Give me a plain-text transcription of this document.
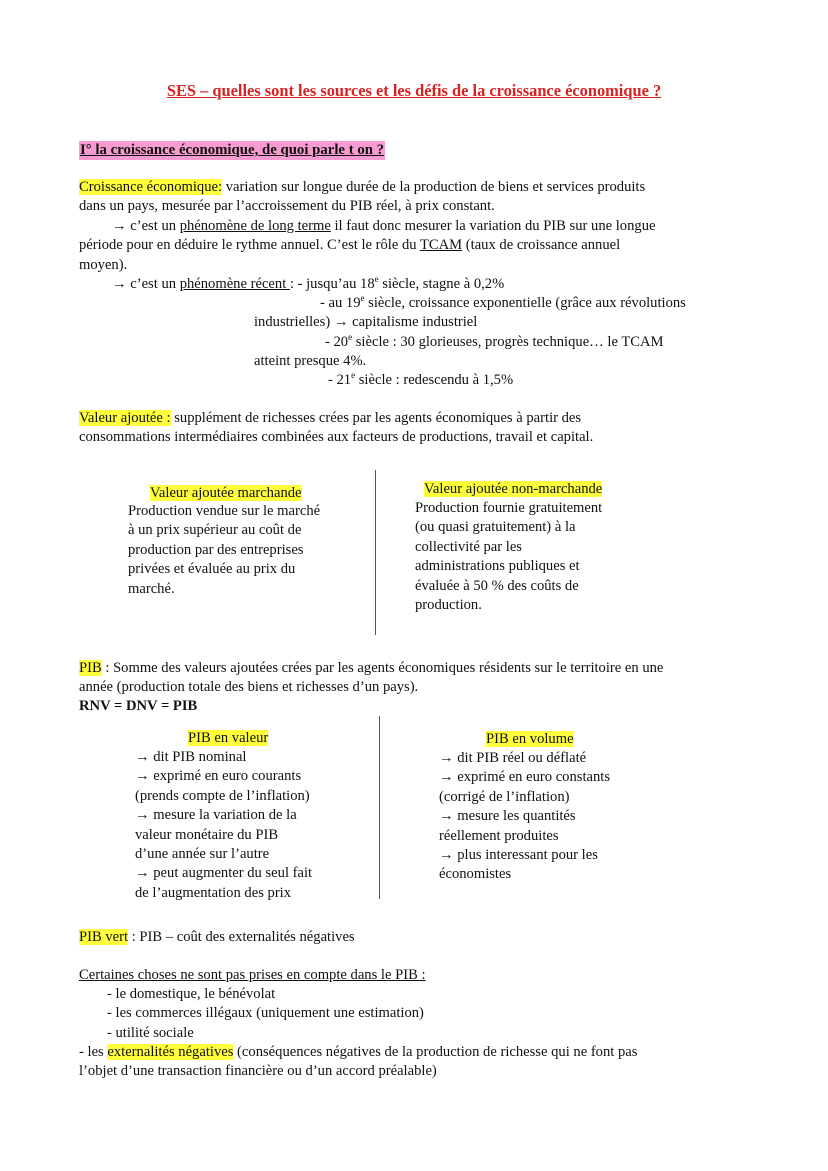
SES – quelles sont les sources et les défis de la croissance économique ?
I° la croissance économique, de quoi parle t on ?
Croissance économique: variation sur longue durée de la production de biens et services produits
dans un pays, mesurée par l’accroissement du PIB réel, à prix constant.
→ c’est un phénomène de long terme il faut donc mesurer la variation du PIB sur une longue
période pour en déduire le rythme annuel. C’est le rôle du TCAM (taux de croissance annuel
moyen).
→ c’est un phénomène récent : - jusqu’au 18e siècle, stagne à 0,2%
- au 19e siècle, croissance exponentielle (grâce aux révolutions
industrielles) → capitalisme industriel
- 20e siècle : 30 glorieuses, progrès technique… le TCAM
atteint presque 4%.
- 21e siècle : redescendu à 1,5%
Valeur ajoutée : supplément de richesses crées par les agents économiques à partir des
consommations intermédiaires combinées aux facteurs de productions, travail et capital.
Valeur ajoutée marchande
Production vendue sur le marché
à un prix supérieur au coût de
production par des entreprises
privées et évaluée au prix du
marché.
Valeur ajoutée non-marchande
Production fournie gratuitement
(ou quasi gratuitement) à la
collectivité par les
administrations publiques et
évaluée à 50 % des coûts de
production.
PIB : Somme des valeurs ajoutées crées par les agents économiques résidents sur le territoire en une
année (production totale des biens et richesses d’un pays).
RNV = DNV = PIB
PIB en valeur
→ dit PIB nominal
→ exprimé en euro courants
(prends compte de l’inflation)
→ mesure la variation de la
valeur monétaire du PIB
d’une année sur l’autre
→ peut augmenter du seul fait
de l’augmentation des prix
PIB en volume
→ dit PIB réel ou déflaté
→ exprimé en euro constants
(corrigé de l’inflation)
→ mesure les quantités
réellement produites
→ plus interessant pour les
économistes
PIB vert : PIB – coût des externalités négatives
Certaines choses ne sont pas prises en compte dans le PIB :
- le domestique, le bénévolat
- les commerces illégaux (uniquement une estimation)
- utilité sociale
- les externalités négatives (conséquences négatives de la production de richesse qui ne font pas
l’objet d’une transaction financière ou d’un accord préalable)
